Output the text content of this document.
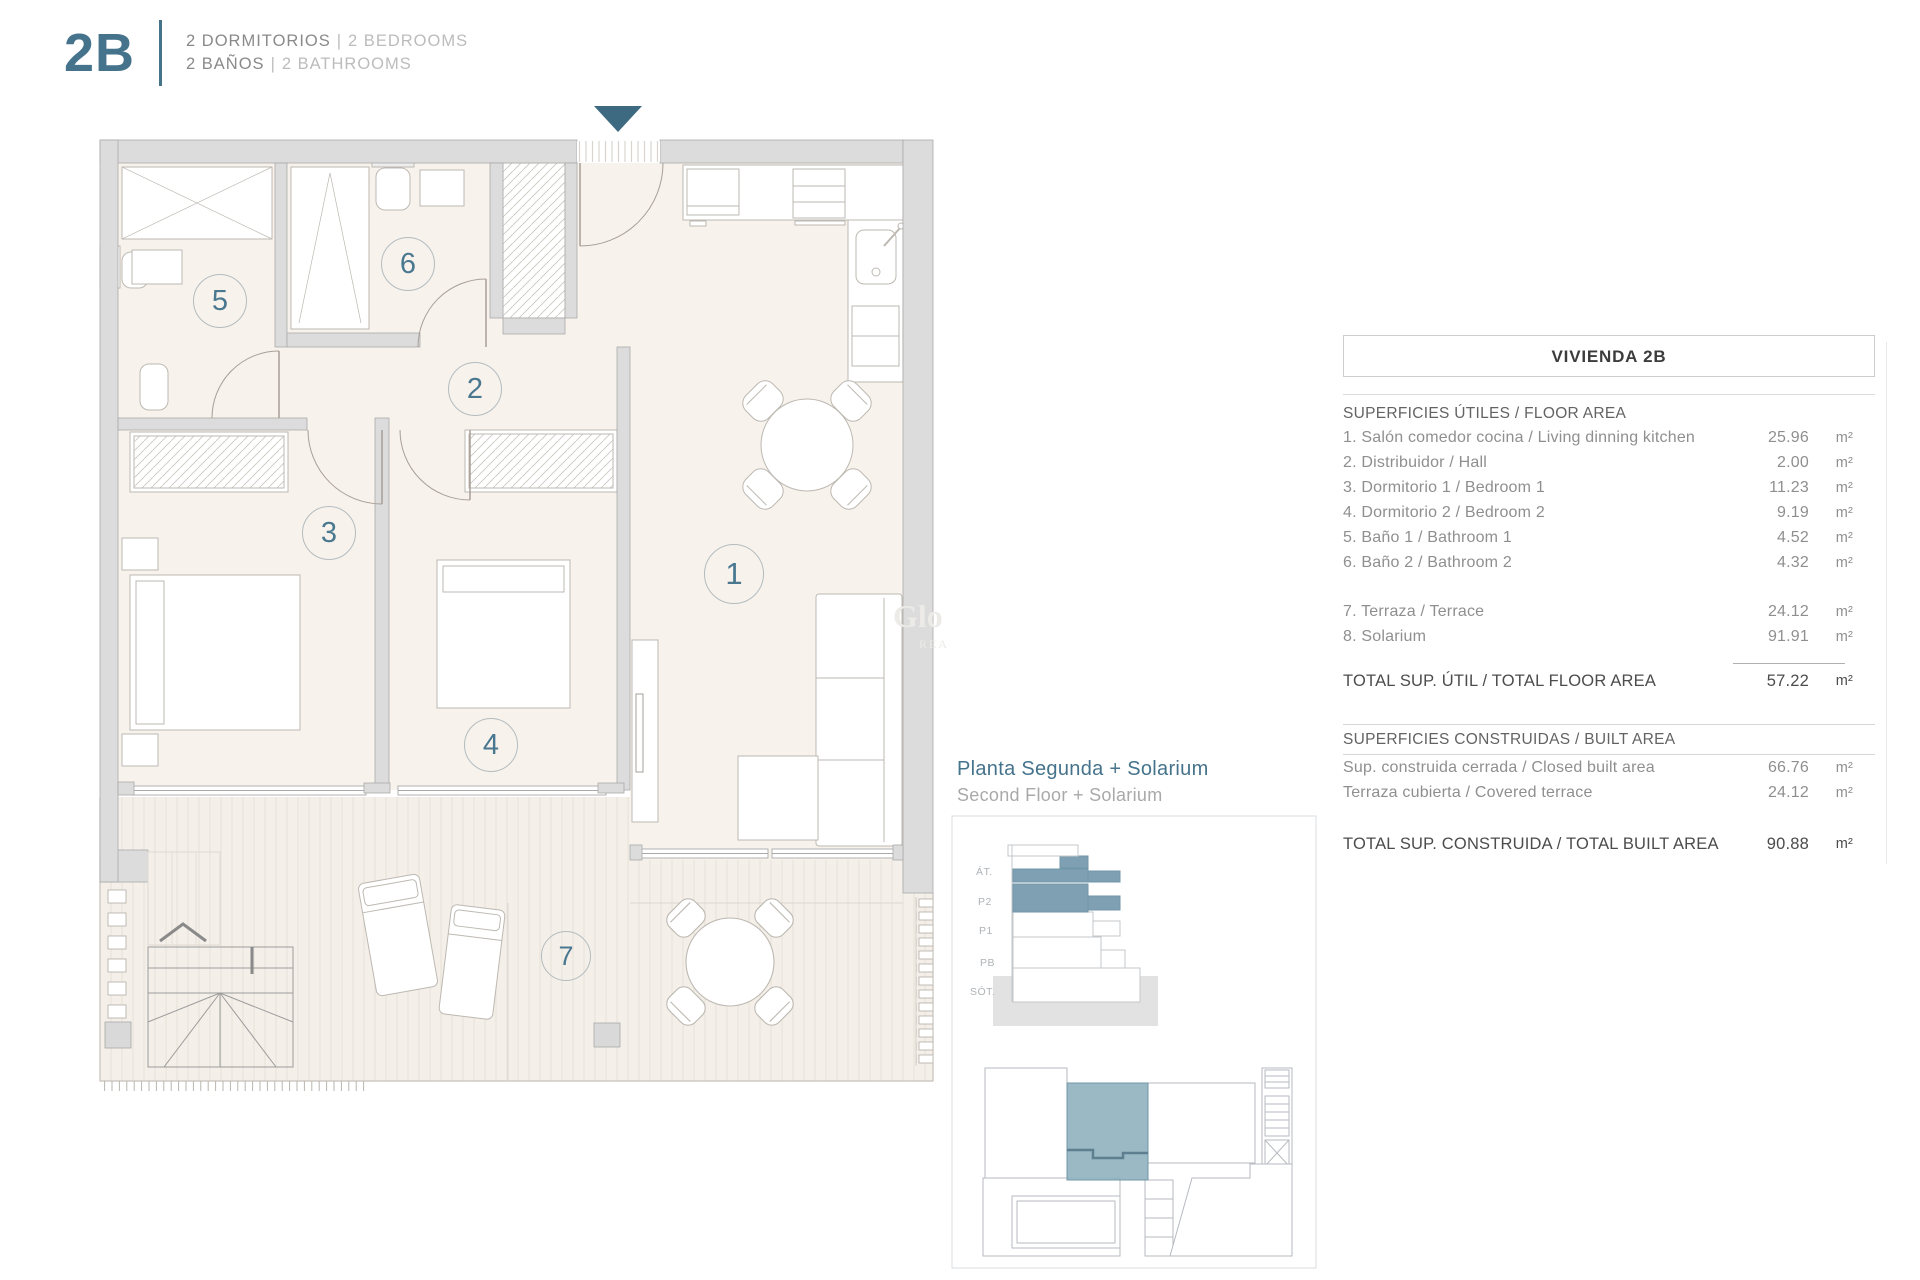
2B	2 DORMITORIOS | 2 BEDROOMS
2 BAÑOS | 2 BATHROOMS
1
2
3
4
5
6
7
Glo
REA
Planta Segunda + Solarium
Second Floor + Solarium
ÁT.
P2
P1
PB
SÓT.
VIVIENDA 2B
SUPERFICIES ÚTILES / FLOOR AREA
1. Salón comedor cocina / Living dinning kitchen	25.96	m²
2. Distribuidor / Hall	2.00	m²
3. Dormitorio 1 / Bedroom 1	11.23	m²
4. Dormitorio 2 / Bedroom 2	9.19	m²
5. Baño 1 / Bathroom 1	4.52	m²
6. Baño 2 / Bathroom 2	4.32	m²
7. Terraza / Terrace	24.12	m²
8. Solarium	91.91	m²
TOTAL SUP. ÚTIL / TOTAL FLOOR AREA	57.22	m²
SUPERFICIES CONSTRUIDAS / BUILT AREA
Sup. construida cerrada / Closed built area	66.76	m²
Terraza cubierta / Covered terrace	24.12	m²
TOTAL SUP. CONSTRUIDA / TOTAL BUILT AREA	90.88	m²
